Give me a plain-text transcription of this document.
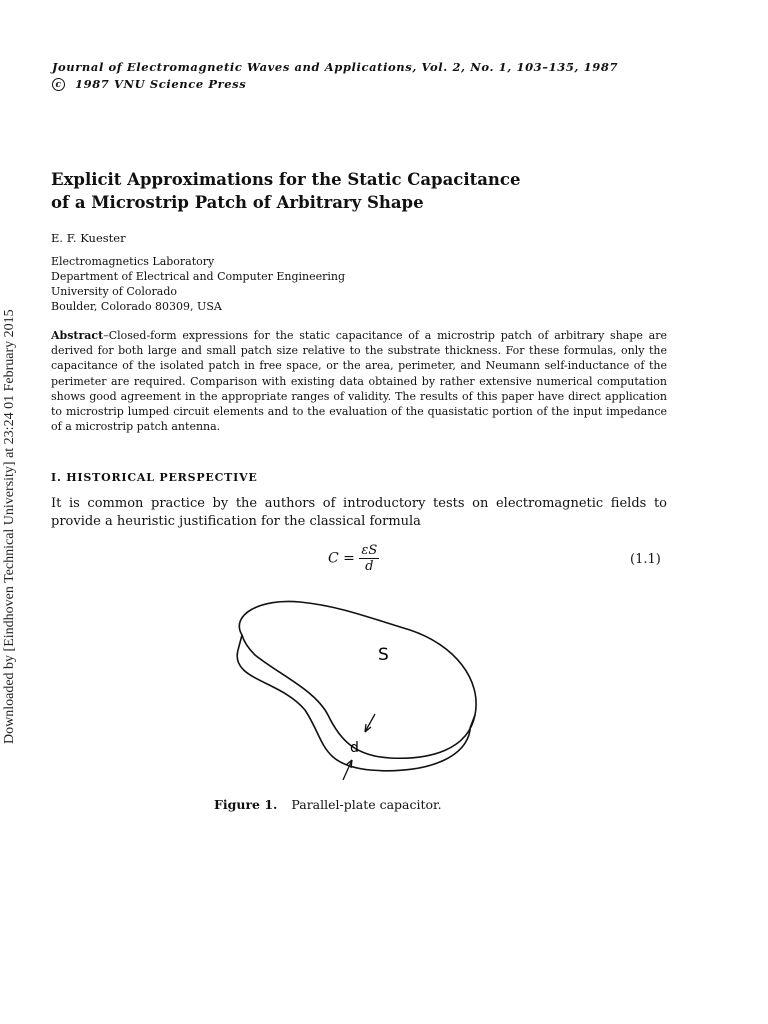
Journal of Electromagnetic Waves and Applications, Vol. 2, No. 1, 103–135, 1987
c	1987 VNU Science Press
Explicit Approximations for the Static Capacitance
of a Microstrip Patch of Arbitrary Shape
E. F. Kuester
Electromagnetics Laboratory
Department of Electrical and Computer Engineering
University of Colorado
Boulder, Colorado 80309, USA
Abstract–Closed-form expressions for the static capacitance of a microstrip patch of arbitrary shape are derived for both large and small patch size relative to the substrate thickness. For these formulas, only the capacitance of the isolated patch in free space, or the area, perimeter, and Neumann self-inductance of the perimeter are required. Comparison with existing data obtained by rather extensive numerical computation shows good agreement in the appropriate ranges of validity. The results of this paper have direct application to microstrip lumped circuit elements and to the evaluation of the quasistatic portion of the input impedance of a microstrip patch antenna.
I. HISTORICAL PERSPECTIVE
It is common practice by the authors of introductory tests on electromagnetic fields to provide a heuristic justification for the classical formula
$C = \frac{\varepsilon S}{d}$	(1.1)
S
d
Figure 1. Parallel-plate capacitor.
Downloaded by [Eindhoven Technical University] at 23:24 01 February 2015
